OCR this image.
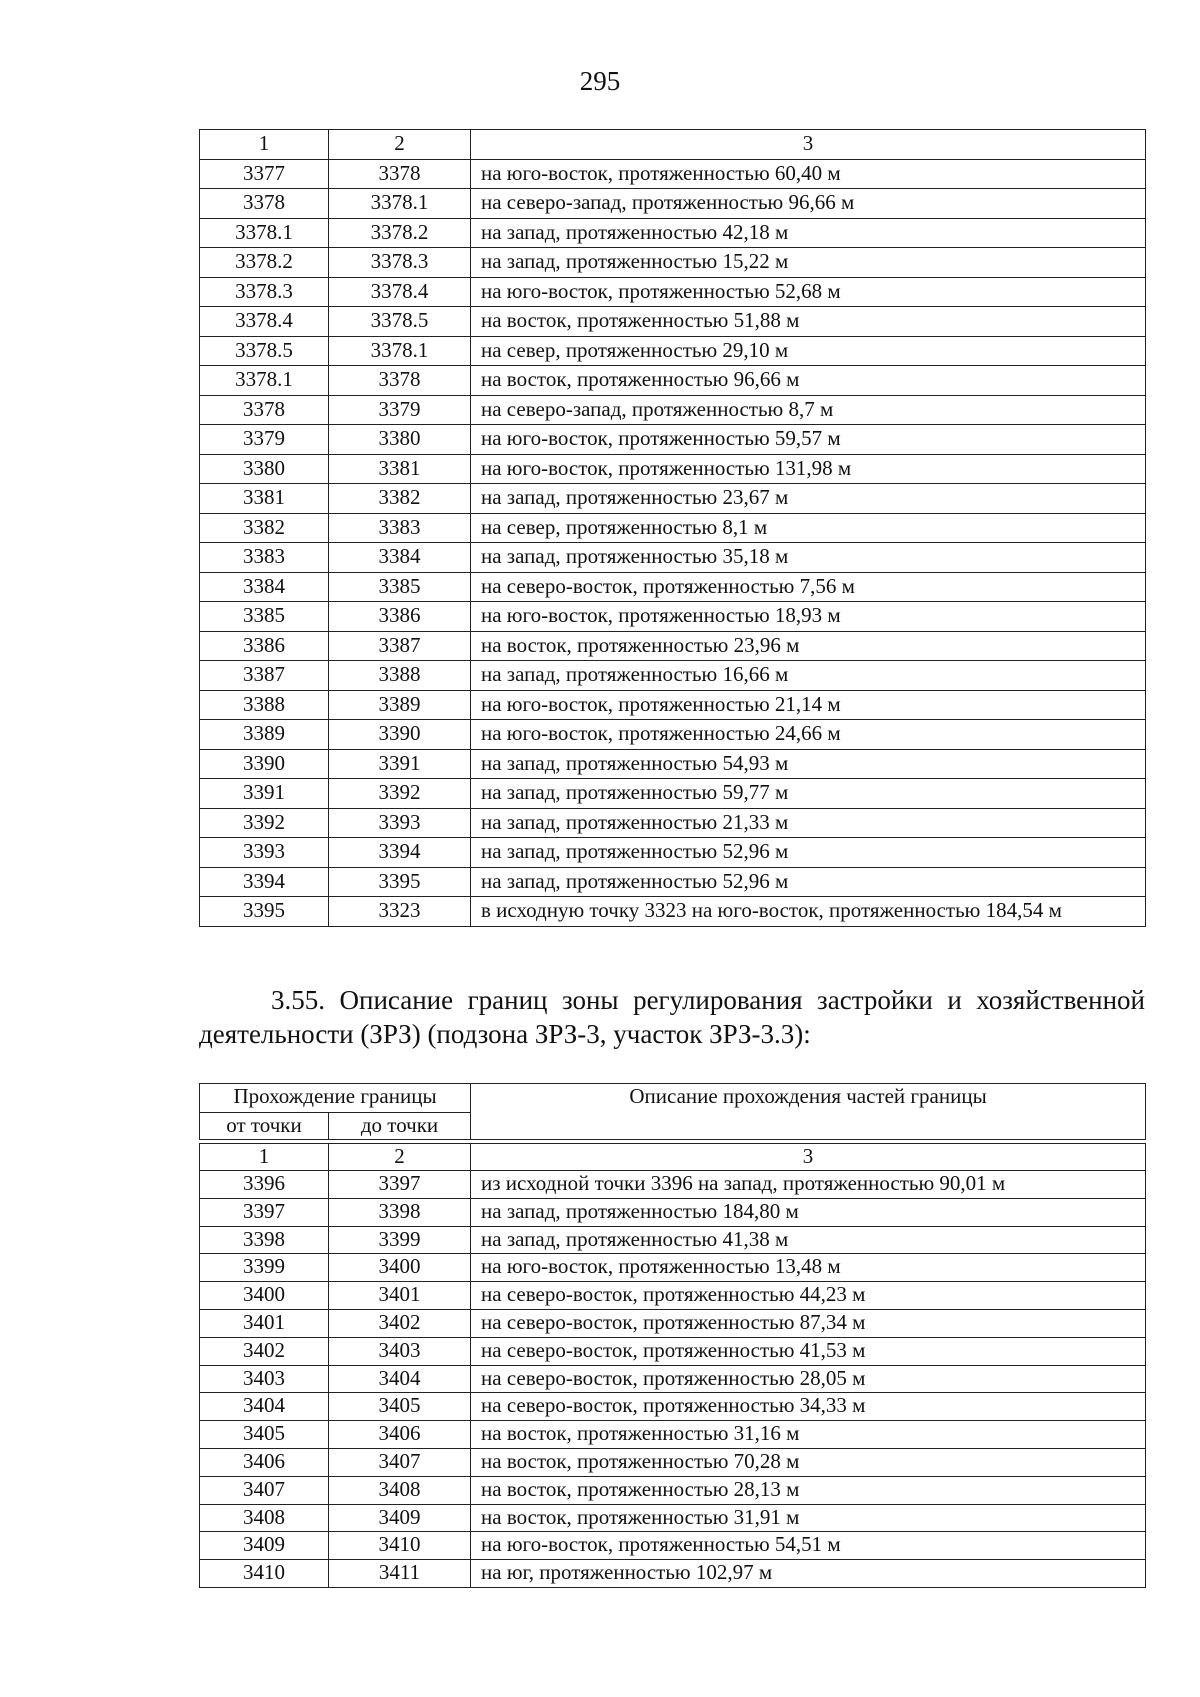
295
1	2	3
3377	3378	на юго-восток, протяженностью 60,40 м
3378	3378.1	на северо-запад, протяженностью 96,66 м
3378.1	3378.2	на запад, протяженностью 42,18 м
3378.2	3378.3	на запад, протяженностью 15,22 м
3378.3	3378.4	на юго-восток, протяженностью 52,68 м
3378.4	3378.5	на восток, протяженностью 51,88 м
3378.5	3378.1	на север, протяженностью 29,10 м
3378.1	3378	на восток, протяженностью 96,66 м
3378	3379	на северо-запад, протяженностью 8,7 м
3379	3380	на юго-восток, протяженностью 59,57 м
3380	3381	на юго-восток, протяженностью 131,98 м
3381	3382	на запад, протяженностью 23,67 м
3382	3383	на север, протяженностью 8,1 м
3383	3384	на запад, протяженностью 35,18 м
3384	3385	на северо-восток, протяженностью 7,56 м
3385	3386	на юго-восток, протяженностью 18,93 м
3386	3387	на восток, протяженностью 23,96 м
3387	3388	на запад, протяженностью 16,66 м
3388	3389	на юго-восток, протяженностью 21,14 м
3389	3390	на юго-восток, протяженностью 24,66 м
3390	3391	на запад, протяженностью 54,93 м
3391	3392	на запад, протяженностью 59,77 м
3392	3393	на запад, протяженностью 21,33 м
3393	3394	на запад, протяженностью 52,96 м
3394	3395	на запад, протяженностью 52,96 м
3395	3323	в исходную точку 3323 на юго-восток, протяженностью 184,54 м
3.55. Описание границ зоны регулирования застройки и хозяйственной деятельности (ЗРЗ) (подзона ЗРЗ-3, участок ЗРЗ-3.3):
Прохождение границы		Описание прохождения частей границы
от точки	до точки	

1	2	3
3396	3397	из исходной точки 3396 на запад, протяженностью 90,01 м
3397	3398	на запад, протяженностью 184,80 м
3398	3399	на запад, протяженностью 41,38 м
3399	3400	на юго-восток, протяженностью 13,48 м
3400	3401	на северо-восток, протяженностью 44,23 м
3401	3402	на северо-восток, протяженностью 87,34 м
3402	3403	на северо-восток, протяженностью 41,53 м
3403	3404	на северо-восток, протяженностью 28,05 м
3404	3405	на северо-восток, протяженностью 34,33 м
3405	3406	на восток, протяженностью 31,16 м
3406	3407	на восток, протяженностью 70,28 м
3407	3408	на восток, протяженностью 28,13 м
3408	3409	на восток, протяженностью 31,91 м
3409	3410	на юго-восток, протяженностью 54,51 м
3410	3411	на юг, протяженностью 102,97 м
